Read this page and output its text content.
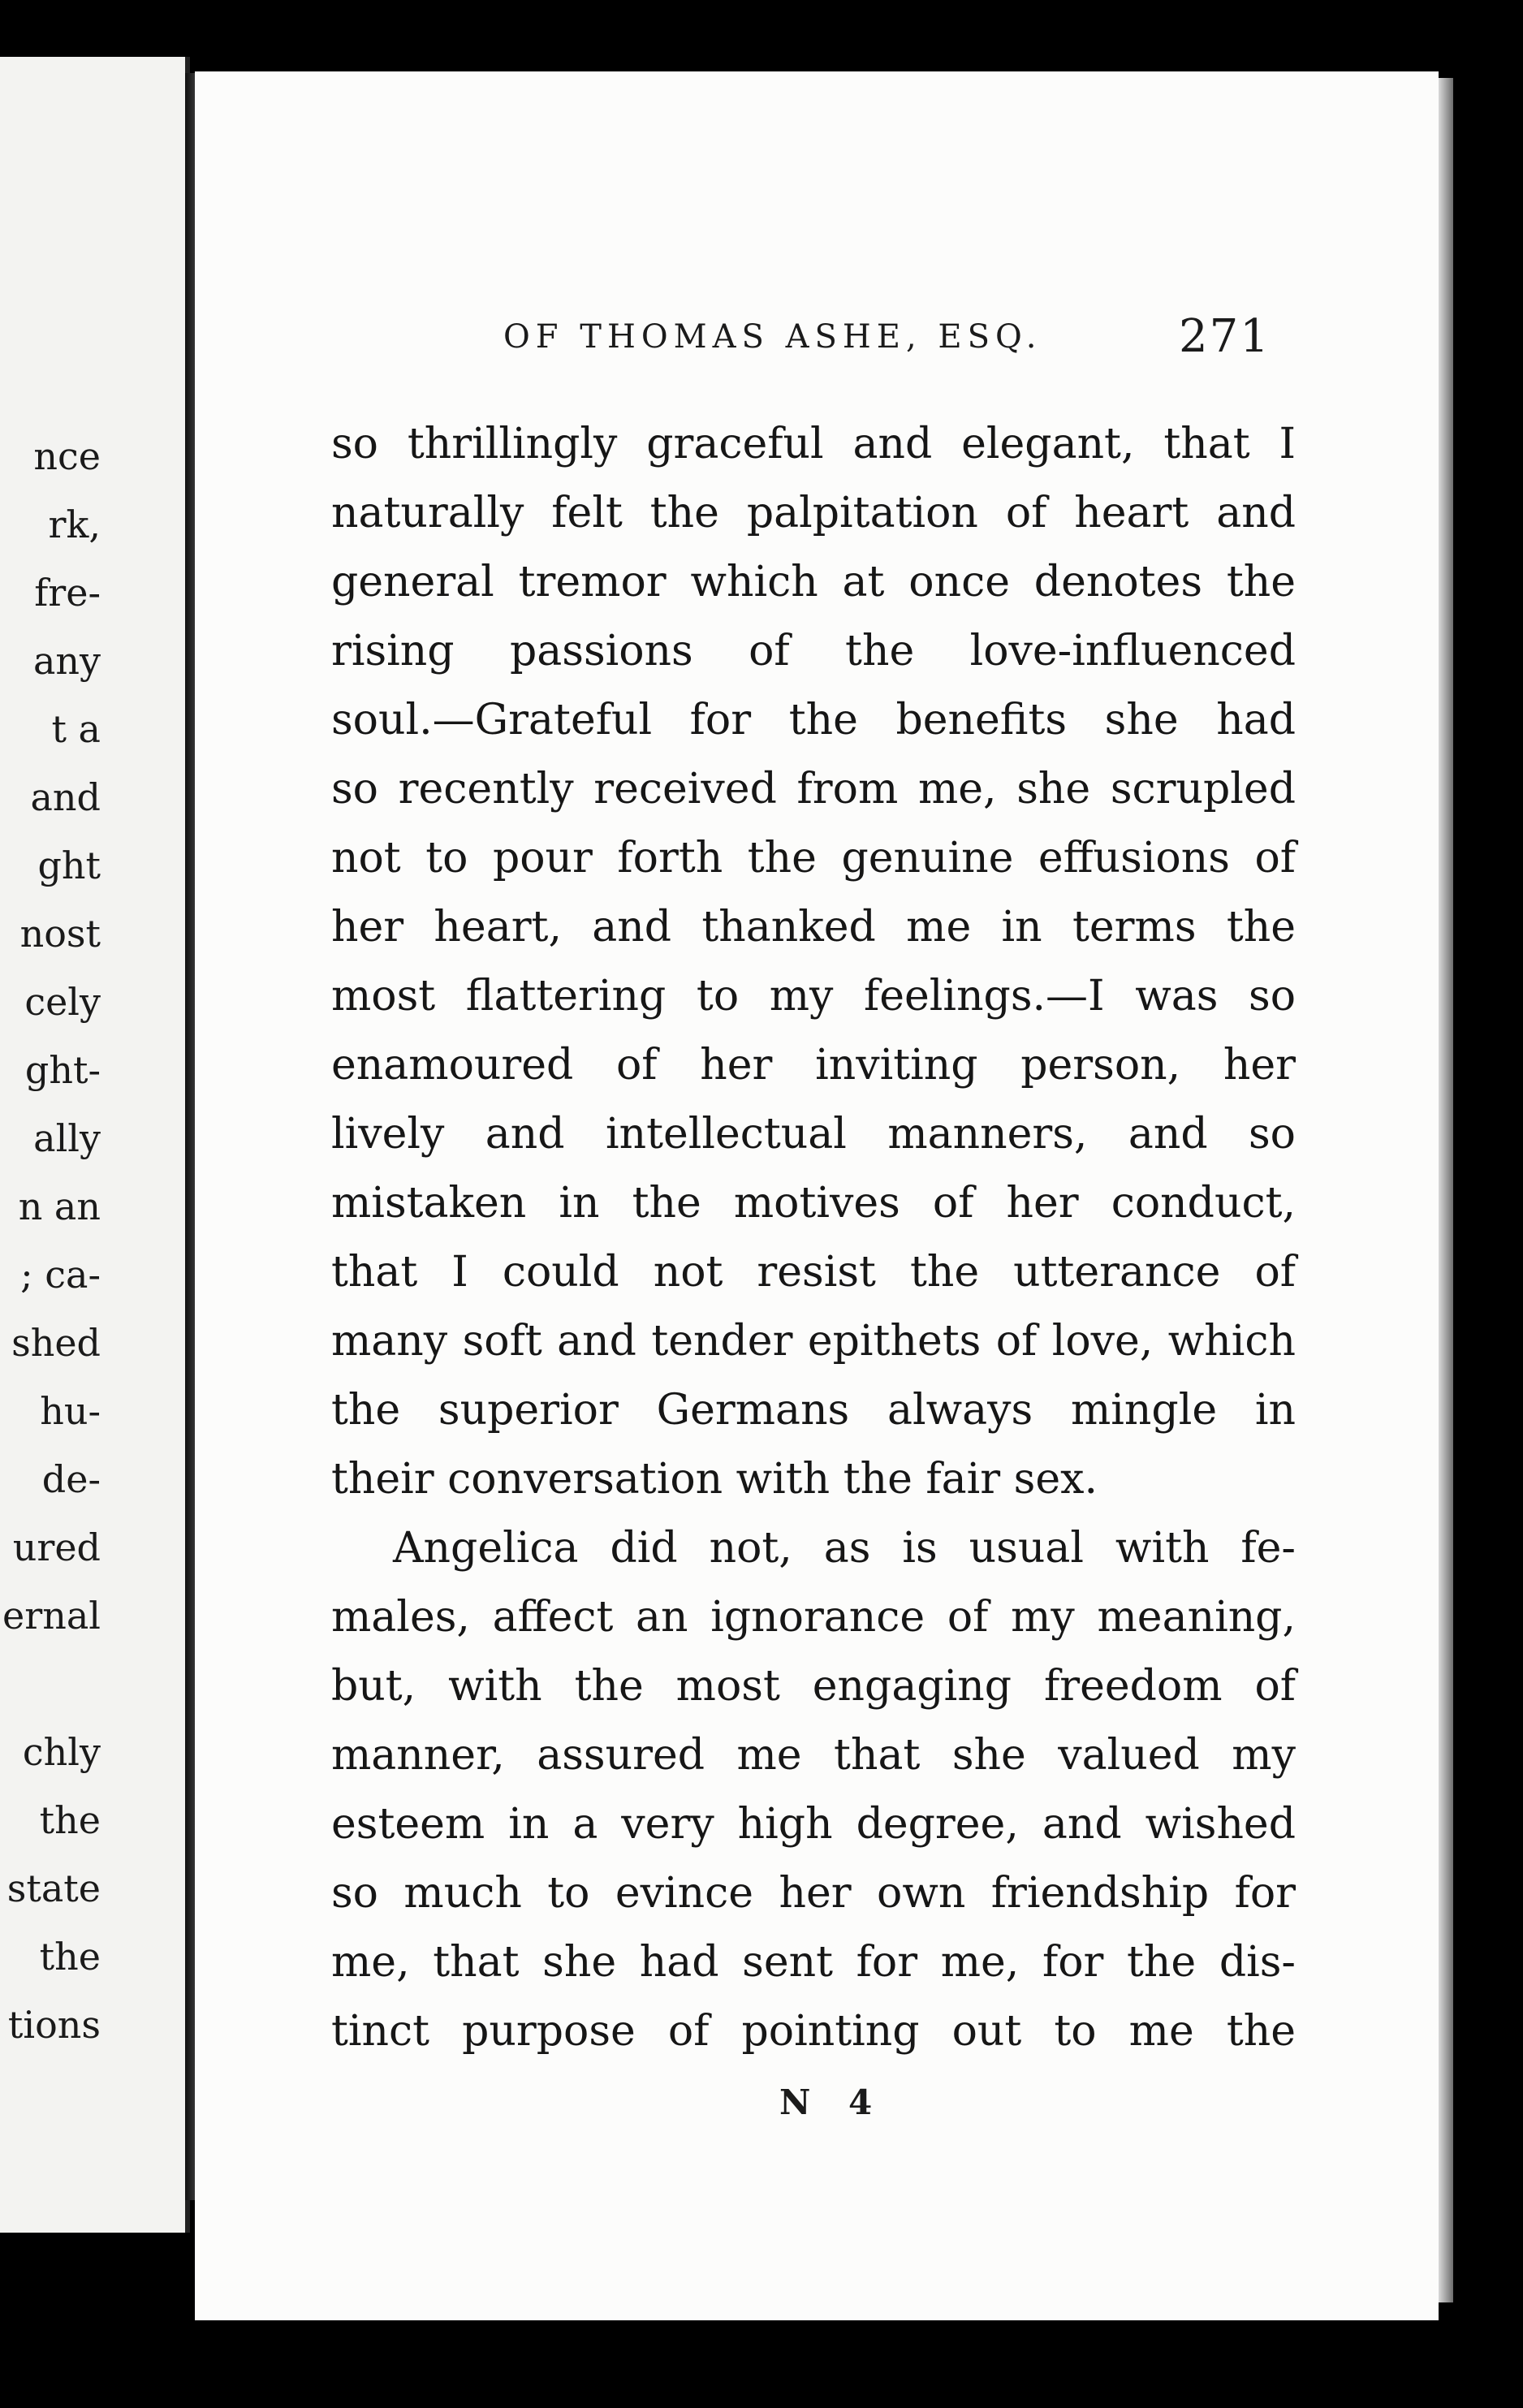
nce
rk,
fre-
any
t a
and
ght
nost
cely
ght-
ally
n an
; ca-
shed
hu-
de-
ured
ernal
chly
the
state
the
tions
OF THOMAS ASHE, ESQ.	271
so thrillingly graceful and elegant, that I
naturally felt the palpitation of heart and
general tremor which at once denotes the
rising passions of the love-influenced
soul.—Grateful for the benefits she had
so recently received from me, she scrupled
not to pour forth the genuine effusions of
her heart, and thanked me in terms the
most flattering to my feelings.—I was so
enamoured of her inviting person, her
lively and intellectual manners, and so
mistaken in the motives of her conduct,
that I could not resist the utterance of
many soft and tender epithets of love, which
the superior Germans always mingle in
their conversation with the fair sex.
Angelica did not, as is usual with fe-
males, affect an ignorance of my meaning,
but, with the most engaging freedom of
manner, assured me that she valued my
esteem in a very high degree, and wished
so much to evince her own friendship for
me, that she had sent for me, for the dis-
tinct purpose of pointing out to me the
N 4
